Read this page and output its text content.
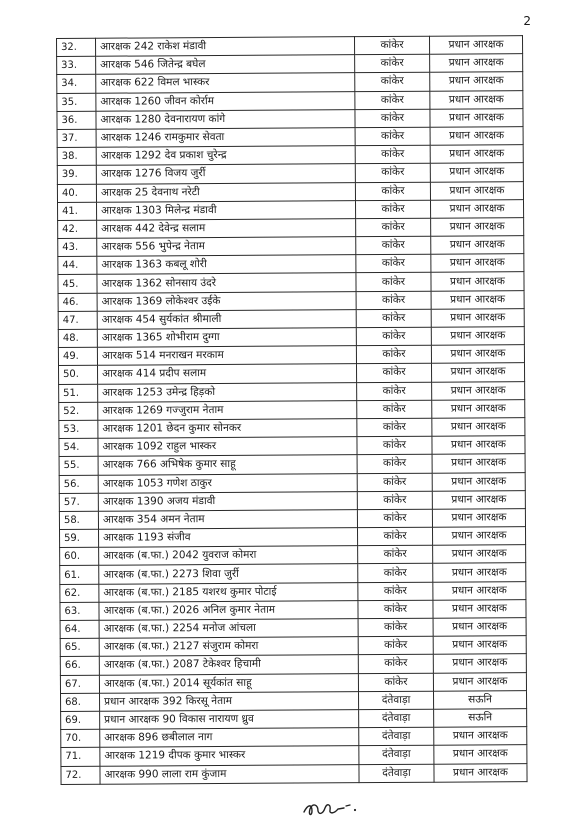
2
32.	आरक्षक 242 राकेश मंडावी	कांकेर	प्रधान आरक्षक
33.	आरक्षक 546 जितेन्द्र बघेल	कांकेर	प्रधान आरक्षक
34.	आरक्षक 622 विमल भास्कर	कांकेर	प्रधान आरक्षक
35.	आरक्षक 1260 जीवन कोर्राम	कांकेर	प्रधान आरक्षक
36.	आरक्षक 1280 देवनारायण कांगे	कांकेर	प्रधान आरक्षक
37.	आरक्षक 1246 रामकुमार सेवता	कांकेर	प्रधान आरक्षक
38.	आरक्षक 1292 देव प्रकाश चुरेन्द्र	कांकेर	प्रधान आरक्षक
39.	आरक्षक 1276 विजय जुर्री	कांकेर	प्रधान आरक्षक
40.	आरक्षक 25 देवनाथ नरेटी	कांकेर	प्रधान आरक्षक
41.	आरक्षक 1303 मिलेन्द्र मंडावी	कांकेर	प्रधान आरक्षक
42.	आरक्षक 442 देवेन्द्र सलाम	कांकेर	प्रधान आरक्षक
43.	आरक्षक 556 भुपेन्द्र नेताम	कांकेर	प्रधान आरक्षक
44.	आरक्षक 1363 कबलू शोरी	कांकेर	प्रधान आरक्षक
45.	आरक्षक 1362 सोनसाय उंदरे	कांकेर	प्रधान आरक्षक
46.	आरक्षक 1369 लोकेश्वर उईके	कांकेर	प्रधान आरक्षक
47.	आरक्षक 454 सुर्यकांत श्रीमाली	कांकेर	प्रधान आरक्षक
48.	आरक्षक 1365 शोभीराम दुग्गा	कांकेर	प्रधान आरक्षक
49.	आरक्षक 514 मनराखन मरकाम	कांकेर	प्रधान आरक्षक
50.	आरक्षक 414 प्रदीप सलाम	कांकेर	प्रधान आरक्षक
51.	आरक्षक 1253 उमेन्द्र हिड़को	कांकेर	प्रधान आरक्षक
52.	आरक्षक 1269 गज्जुराम नेताम	कांकेर	प्रधान आरक्षक
53.	आरक्षक 1201 छेदन कुमार सोनकर	कांकेर	प्रधान आरक्षक
54.	आरक्षक 1092 राहुल भास्कर	कांकेर	प्रधान आरक्षक
55.	आरक्षक 766 अभिषेक कुमार साहू	कांकेर	प्रधान आरक्षक
56.	आरक्षक 1053 गणेश ठाकुर	कांकेर	प्रधान आरक्षक
57.	आरक्षक 1390 अजय मंडावी	कांकेर	प्रधान आरक्षक
58.	आरक्षक 354 अमन नेताम	कांकेर	प्रधान आरक्षक
59.	आरक्षक 1193 संजीव	कांकेर	प्रधान आरक्षक
60.	आरक्षक (ब.फा.) 2042 युवराज कोमरा	कांकेर	प्रधान आरक्षक
61.	आरक्षक (ब.फा.) 2273 शिवा जुर्री	कांकेर	प्रधान आरक्षक
62.	आरक्षक (ब.फा.) 2185 यशरथ कुमार पोटाई	कांकेर	प्रधान आरक्षक
63.	आरक्षक (ब.फा.) 2026 अनिल कुमार नेताम	कांकेर	प्रधान आरक्षक
64.	आरक्षक (ब.फा.) 2254 मनोज आंचला	कांकेर	प्रधान आरक्षक
65.	आरक्षक (ब.फा.) 2127 संजुराम कोमरा	कांकेर	प्रधान आरक्षक
66.	आरक्षक (ब.फा.) 2087 टेकेश्वर हिचामी	कांकेर	प्रधान आरक्षक
67.	आरक्षक (ब.फा.) 2014 सूर्यकांत साहू	कांकेर	प्रधान आरक्षक
68.	प्रधान आरक्षक 392 किरसू नेताम	दंतेवाड़ा	सऊनि
69.	प्रधान आरक्षक 90 विकास नारायण ध्रुव	दंतेवाड़ा	सऊनि
70.	आरक्षक 896 छबीलाल नाग	दंतेवाड़ा	प्रधान आरक्षक
71.	आरक्षक 1219 दीपक कुमार भास्कर	दंतेवाड़ा	प्रधान आरक्षक
72.	आरक्षक 990 लाला राम कुंजाम	दंतेवाड़ा	प्रधान आरक्षक
